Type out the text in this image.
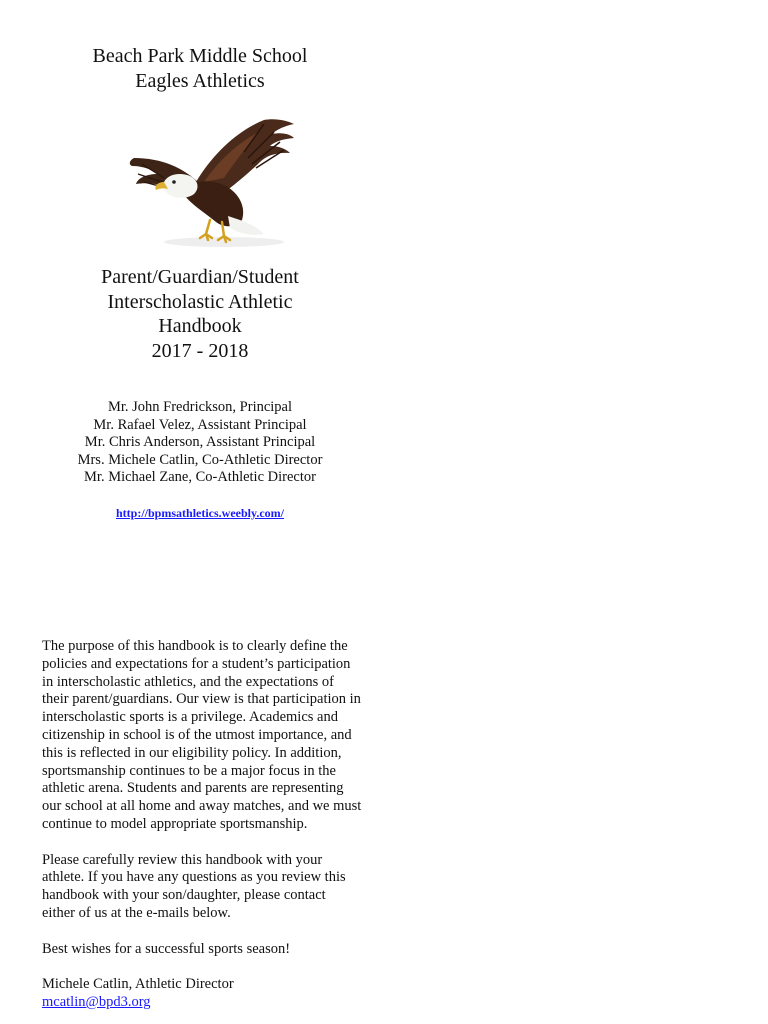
Beach Park Middle School
Eagles Athletics
Parent/Guardian/Student
Interscholastic Athletic
Handbook
2017 - 2018
Mr. John Fredrickson, Principal
Mr. Rafael Velez, Assistant Principal
Mr. Chris Anderson, Assistant Principal
Mrs. Michele Catlin, Co-Athletic Director
Mr. Michael Zane, Co-Athletic Director
http://bpmsathletics.weebly.com/

The purpose of this handbook is to clearly define the policies and expectations for a student’s participation in interscholastic athletics, and the expectations of their parent/guardians. Our view is that participation in interscholastic sports is a privilege. Academics and citizenship in school is of the utmost importance, and this is reflected in our eligibility policy. In addition, sportsmanship continues to be a major focus in the athletic arena. Students and parents are representing our school at all home and away matches, and we must continue to model appropriate sportsmanship.

Please carefully review this handbook with your athlete. If you have any questions as you review this handbook with your son/daughter, please contact either of us at the e-mails below.

Best wishes for a successful sports season!

Michele Catlin, Athletic Director
mcatlin@bpd3.org
